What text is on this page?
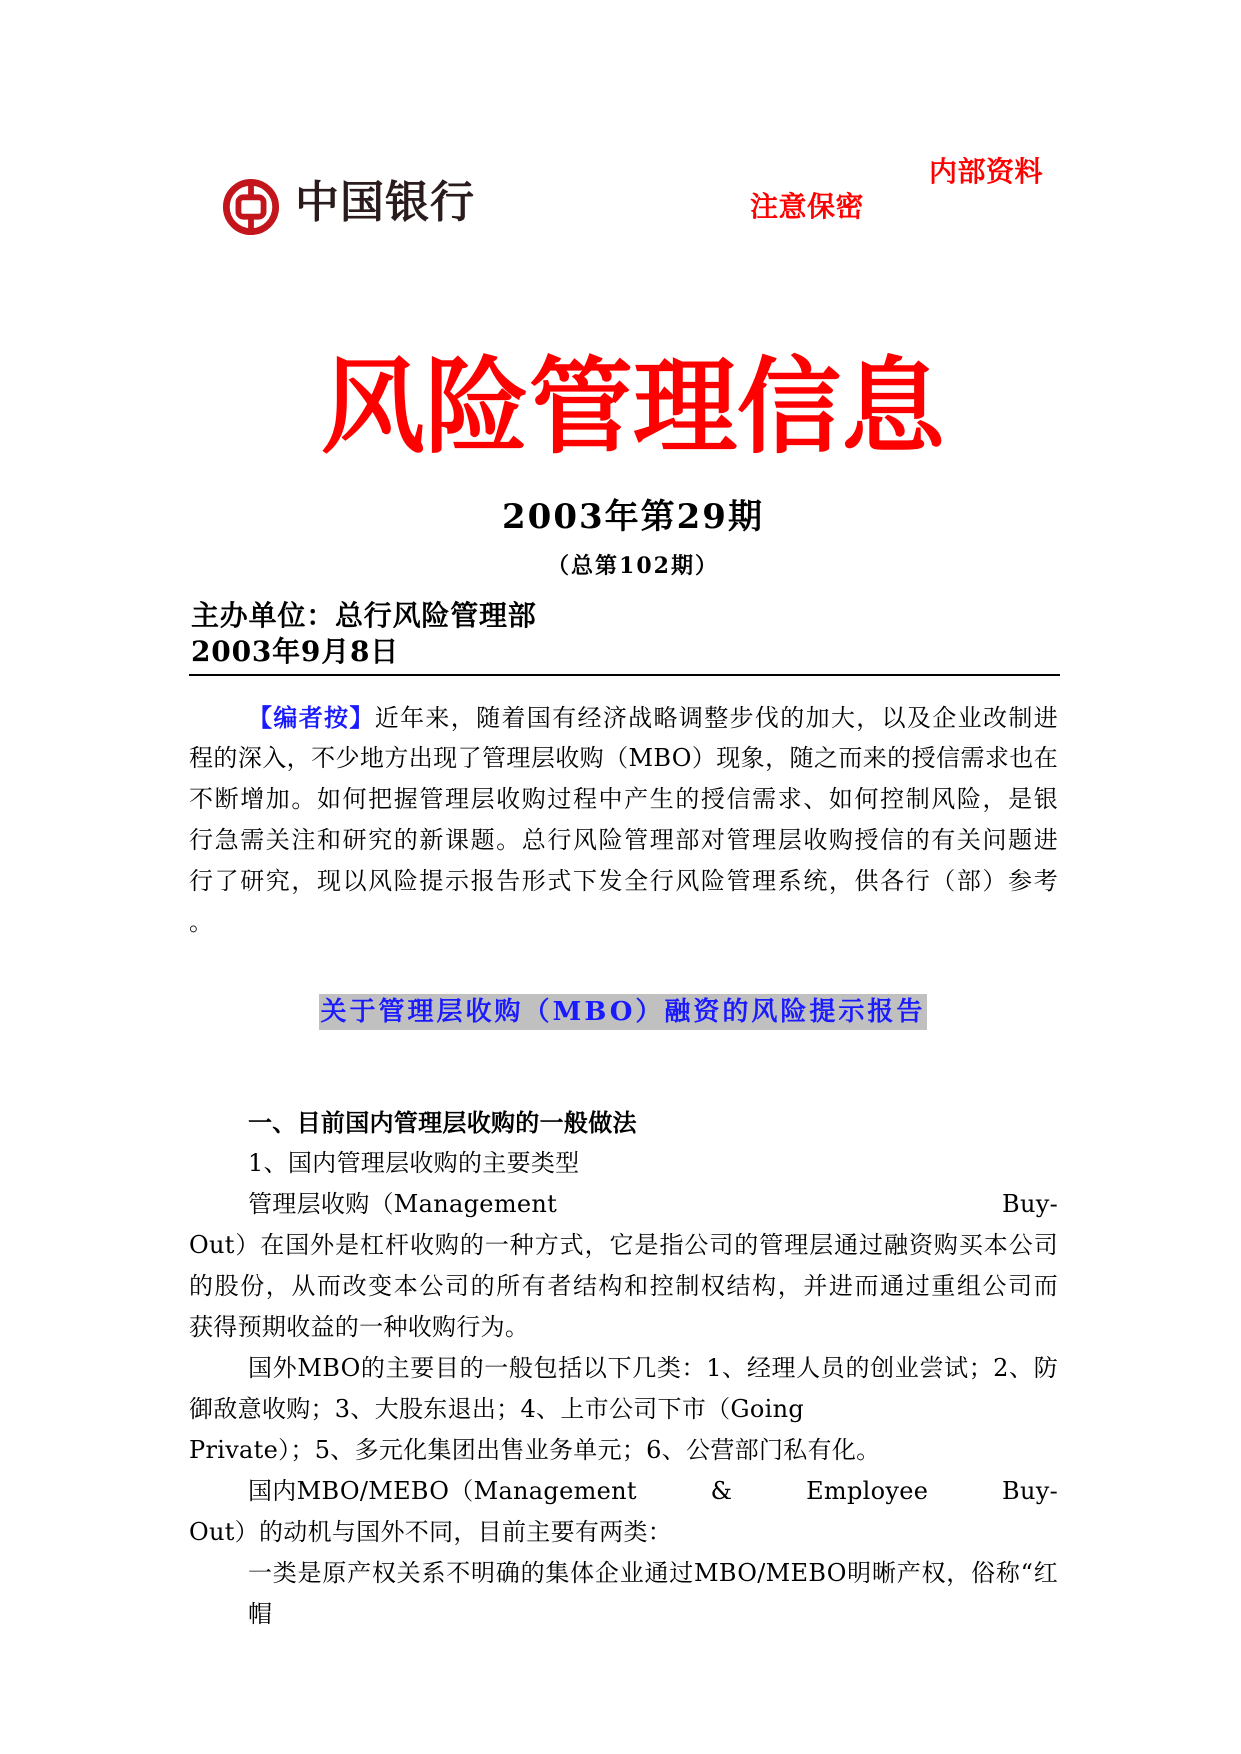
中国银行
内部资料
注意保密
风险管理信息
2003年第29期
（总第102期）
主办单位：总行风险管理部
2003年9月8日
【编者按】近年来，随着国有经济战略调整步伐的加大，以及企业改制进
程的深入，不少地方出现了管理层收购（MBO）现象，随之而来的授信需求也在
不断增加。如何把握管理层收购过程中产生的授信需求、如何控制风险，是银
行急需关注和研究的新课题。总行风险管理部对管理层收购授信的有关问题进
行了研究，现以风险提示报告形式下发全行风险管理系统，供各行（部）参考
。
关于管理层收购（MBO）融资的风险提示报告
一、目前国内管理层收购的一般做法
1、国内管理层收购的主要类型
管理层收购（Management	Buy-
Out）在国外是杠杆收购的一种方式，它是指公司的管理层通过融资购买本公司
的股份，从而改变本公司的所有者结构和控制权结构，并进而通过重组公司而
获得预期收益的一种收购行为。
国外MBO的主要目的一般包括以下几类：1、经理人员的创业尝试；2、防
御敌意收购；3、大股东退出；4、上市公司下市（Going
Private）；5、多元化集团出售业务单元；6、公营部门私有化。
国内MBO/MEBO（Management	&	Employee	Buy-
Out）的动机与国外不同，目前主要有两类：
一类是原产权关系不明确的集体企业通过MBO/MEBO明晰产权，俗称“红帽
